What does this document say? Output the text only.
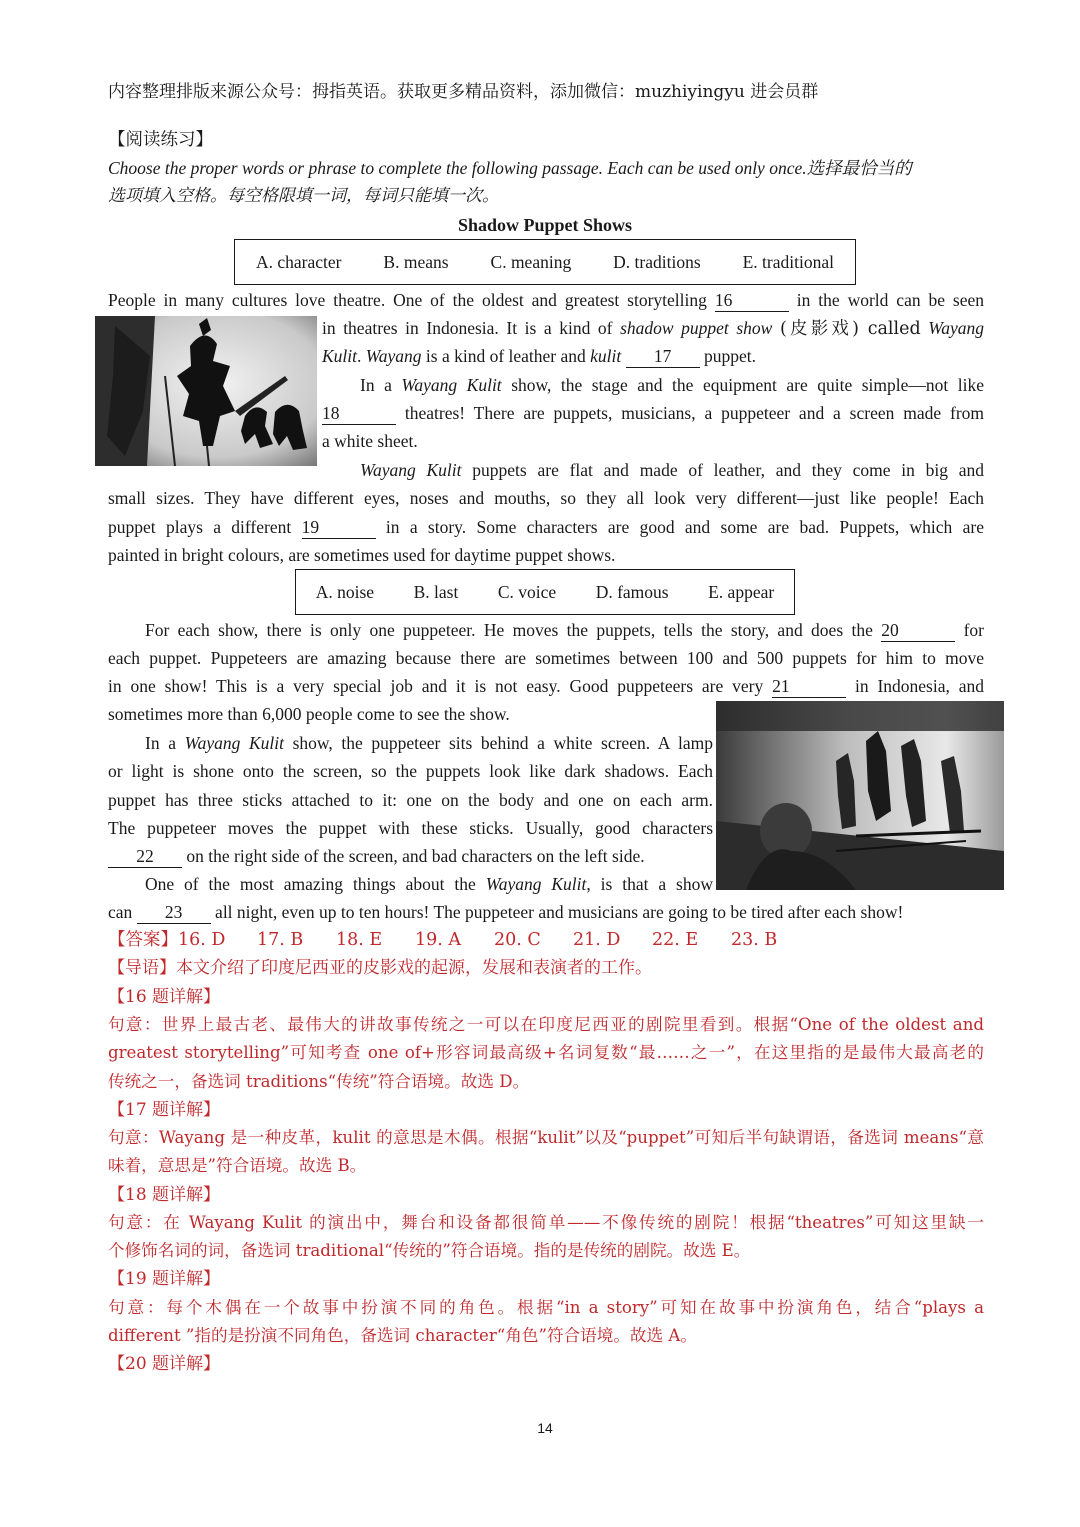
内容整理排版来源公众号：拇指英语。获取更多精品资料，添加微信：muzhiyingyu 进会员群
【阅读练习】
Choose the proper words or phrase to complete the following passage. Each can be used only once.选择最恰当的
选项填入空格。每空格限填一词，每词只能填一次。
Shadow Puppet Shows
A. character B. means C. meaning D. traditions E. traditional
People in many cultures love theatre. One of the oldest and greatest storytelling 16	in the world can be seen
in theatres in Indonesia. It is a kind of shadow puppet show (皮影戏) called Wayang
Kulit. Wayang is a kind of leather and kulit 17 puppet.
In a Wayang Kulit show, the stage and the equipment are quite simple—not like
18	theatres! There are puppets, musicians, a puppeteer and a screen made from
a white sheet.
Wayang Kulit puppets are flat and made of leather, and they come in big and
small sizes. They have different eyes, noses and mouths, so they all look very different—just like people! Each
puppet plays a different 19	in a story. Some characters are good and some are bad. Puppets, which are
painted in bright colours, are sometimes used for daytime puppet shows.
A. noise B. last C. voice D. famous E. appear
For each show, there is only one puppeteer. He moves the puppets, tells the story, and does the 20	for
each puppet. Puppeteers are amazing because there are sometimes between 100 and 500 puppets for him to move
in one show! This is a very special job and it is not easy. Good puppeteers are very 21	in Indonesia, and
sometimes more than 6,000 people come to see the show.
In a Wayang Kulit show, the puppeteer sits behind a white screen. A lamp
or light is shone onto the screen, so the puppets look like dark shadows. Each
puppet has three sticks attached to it: one on the body and one on each arm.
The puppeteer moves the puppet with these sticks. Usually, good characters
22 on the right side of the screen, and bad characters on the left side.
One of the most amazing things about the Wayang Kulit, is that a show
can 23 all night, even up to ten hours! The puppeteer and musicians are going to be tired after each show!
【答案】16. D 17. B 18. E 19. A 20. C 21. D 22. E 23. B
【导语】本文介绍了印度尼西亚的皮影戏的起源，发展和表演者的工作。
【16 题详解】
句意：世界上最古老、最伟大的讲故事传统之一可以在印度尼西亚的剧院里看到。根据“One of the oldest and
greatest storytelling”可知考查 one of+形容词最高级+名词复数“最……之一”，在这里指的是最伟大最高老的
传统之一，备选词 traditions“传统”符合语境。故选 D。
【17 题详解】
句意：Wayang 是一种皮革，kulit 的意思是木偶。根据“kulit”以及“puppet”可知后半句缺谓语，备选词 means“意
味着，意思是”符合语境。故选 B。
【18 题详解】
句意：在 Wayang Kulit 的演出中，舞台和设备都很简单——不像传统的剧院！根据“theatres”可知这里缺一
个修饰名词的词，备选词 traditional“传统的”符合语境。指的是传统的剧院。故选 E。
【19 题详解】
句意：每个木偶在一个故事中扮演不同的角色。根据“in a story”可知在故事中扮演角色，结合“plays a
different ”指的是扮演不同角色，备选词 character“角色”符合语境。故选 A。
【20 题详解】
14
